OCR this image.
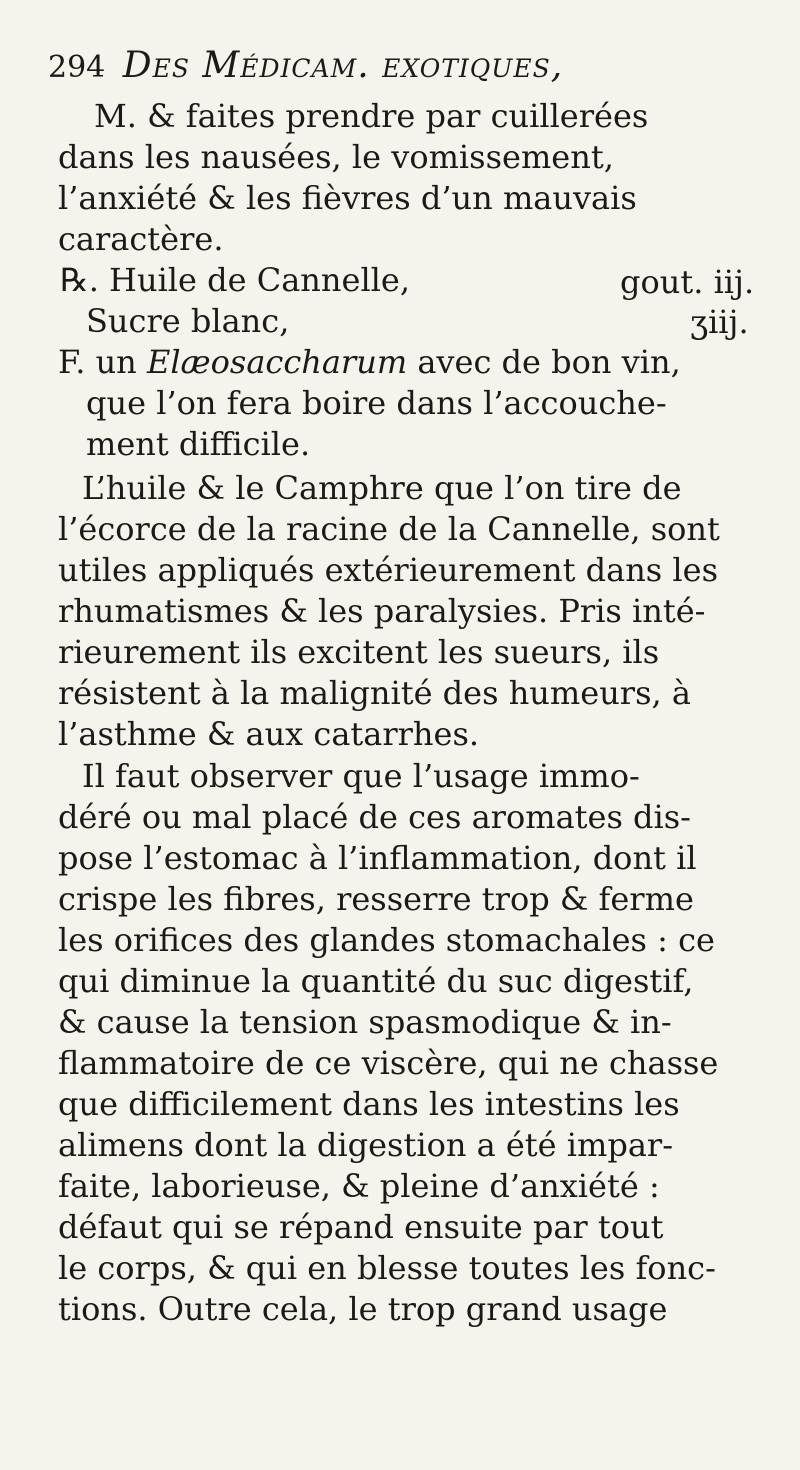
294 Des Médicam. exotiques,
M. & faites prendre par cuillerées
dans les nausées, le vomissement,
l’anxiété & les fièvres d’un mauvais
caractère.
℞. Huile de Cannelle,	gout. iij.
Sucre blanc,	ʒiij.
F. un Elæosaccharum avec de bon vin,
que l’on fera boire dans l’accouche-
ment difficile.
L’huile & le Camphre que l’on tire de
l’écorce de la racine de la Cannelle, sont
utiles appliqués extérieurement dans les
rhumatismes & les paralysies. Pris inté-
rieurement ils excitent les sueurs, ils
résistent à la malignité des humeurs, à
l’asthme & aux catarrhes.
Il faut observer que l’usage immo-
déré ou mal placé de ces aromates dis-
pose l’estomac à l’inflammation, dont il
crispe les fibres, resserre trop & ferme
les orifices des glandes stomachales : ce
qui diminue la quantité du suc digestif,
& cause la tension spasmodique & in-
flammatoire de ce viscère, qui ne chasse
que difficilement dans les intestins les
alimens dont la digestion a été impar-
faite, laborieuse, & pleine d’anxiété :
défaut qui se répand ensuite par tout
le corps, & qui en blesse toutes les fonc-
tions. Outre cela, le trop grand usage
